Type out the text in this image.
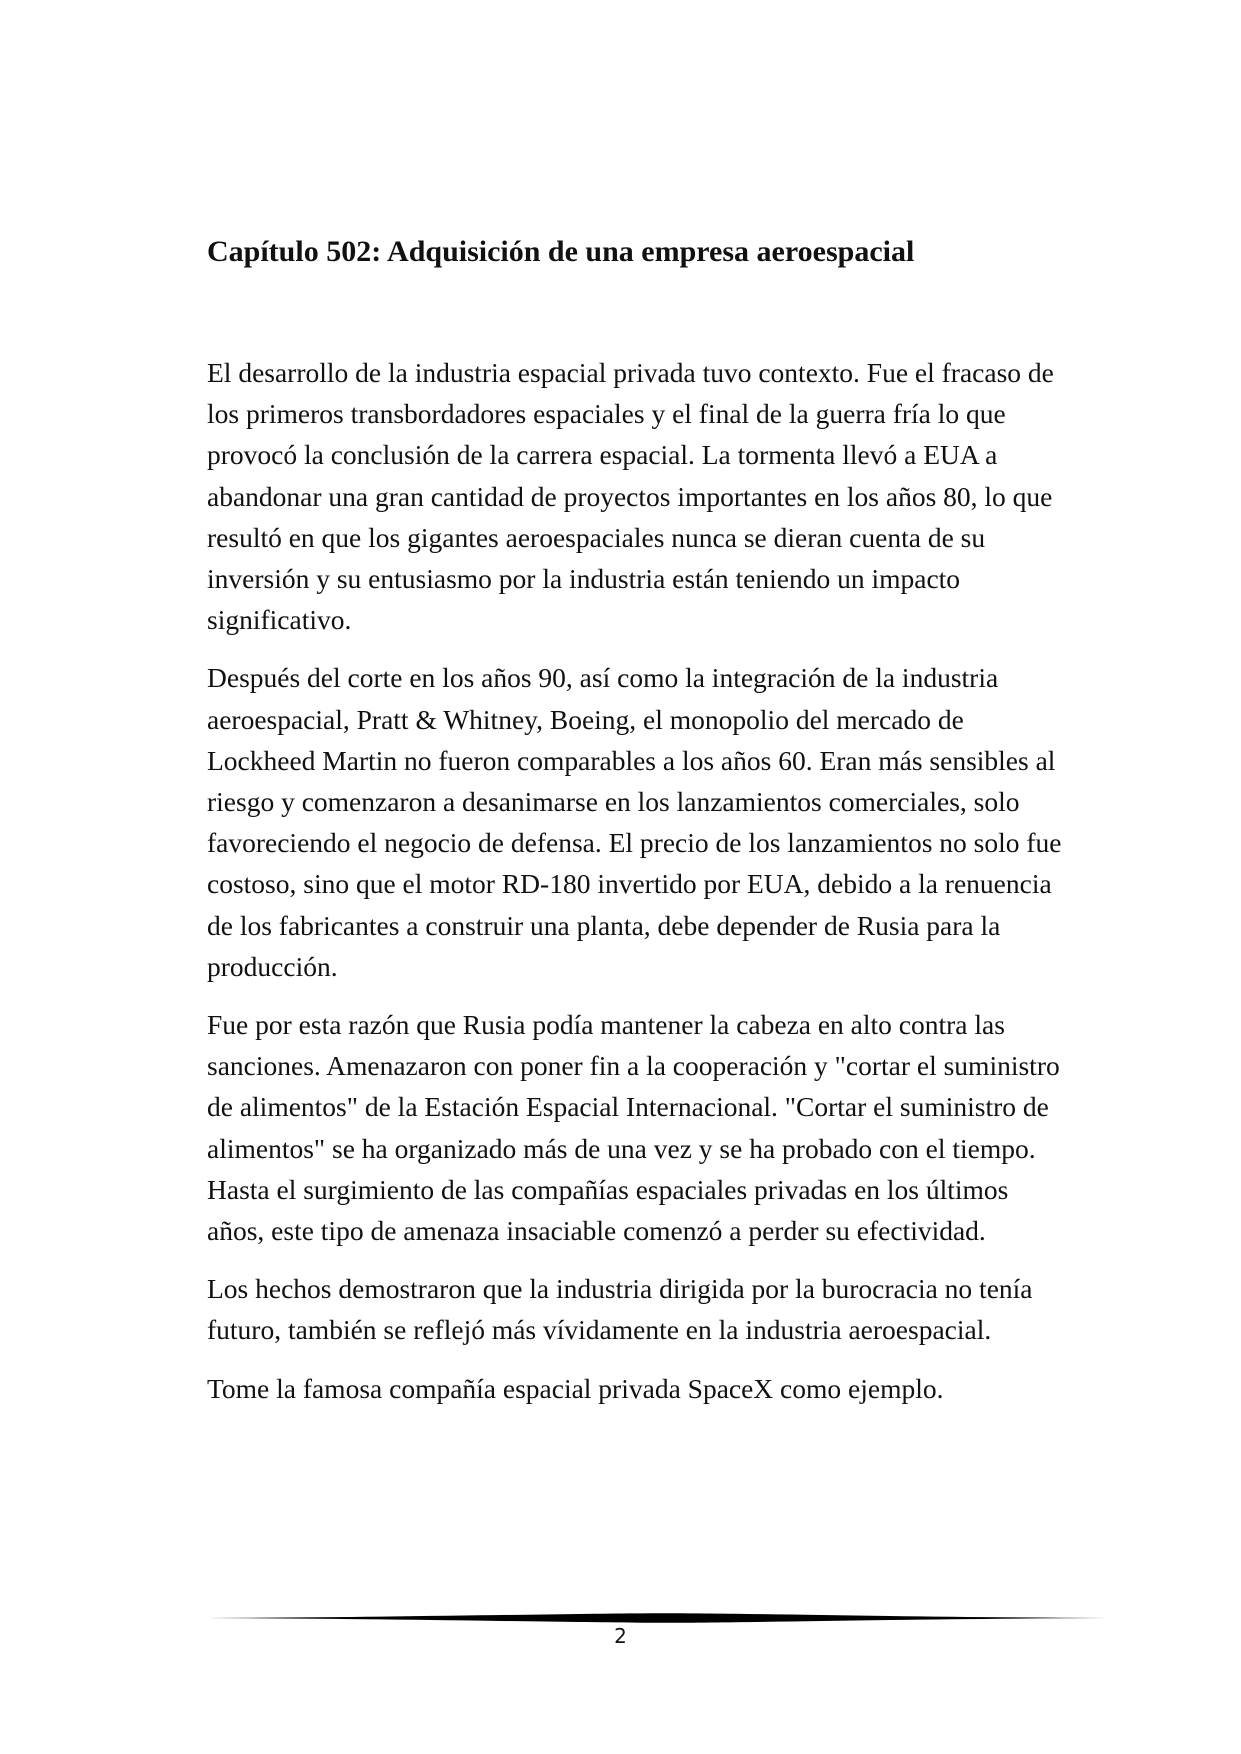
Capítulo 502: Adquisición de una empresa aeroespacial

El desarrollo de la industria espacial privada tuvo contexto. Fue el fracaso de los primeros transbordadores espaciales y el final de la guerra fría lo que provocó la conclusión de la carrera espacial. La tormenta llevó a EUA a abandonar una gran cantidad de proyectos importantes en los años 80, lo que resultó en que los gigantes aeroespaciales nunca se dieran cuenta de su inversión y su entusiasmo por la industria están teniendo un impacto significativo.

Después del corte en los años 90, así como la integración de la industria aeroespacial, Pratt & Whitney, Boeing, el monopolio del mercado de Lockheed Martin no fueron comparables a los años 60. Eran más sensibles al riesgo y comenzaron a desanimarse en los lanzamientos comerciales, solo favoreciendo el negocio de defensa. El precio de los lanzamientos no solo fue costoso, sino que el motor RD-180 invertido por EUA, debido a la renuencia de los fabricantes a construir una planta, debe depender de Rusia para la producción.

Fue por esta razón que Rusia podía mantener la cabeza en alto contra las sanciones. Amenazaron con poner fin a la cooperación y "cortar el suministro de alimentos" de la Estación Espacial Internacional. "Cortar el suministro de alimentos" se ha organizado más de una vez y se ha probado con el tiempo. Hasta el surgimiento de las compañías espaciales privadas en los últimos años, este tipo de amenaza insaciable comenzó a perder su efectividad.

Los hechos demostraron que la industria dirigida por la burocracia no tenía futuro, también se reflejó más vívidamente en la industria aeroespacial.

Tome la famosa compañía espacial privada SpaceX como ejemplo.

2
